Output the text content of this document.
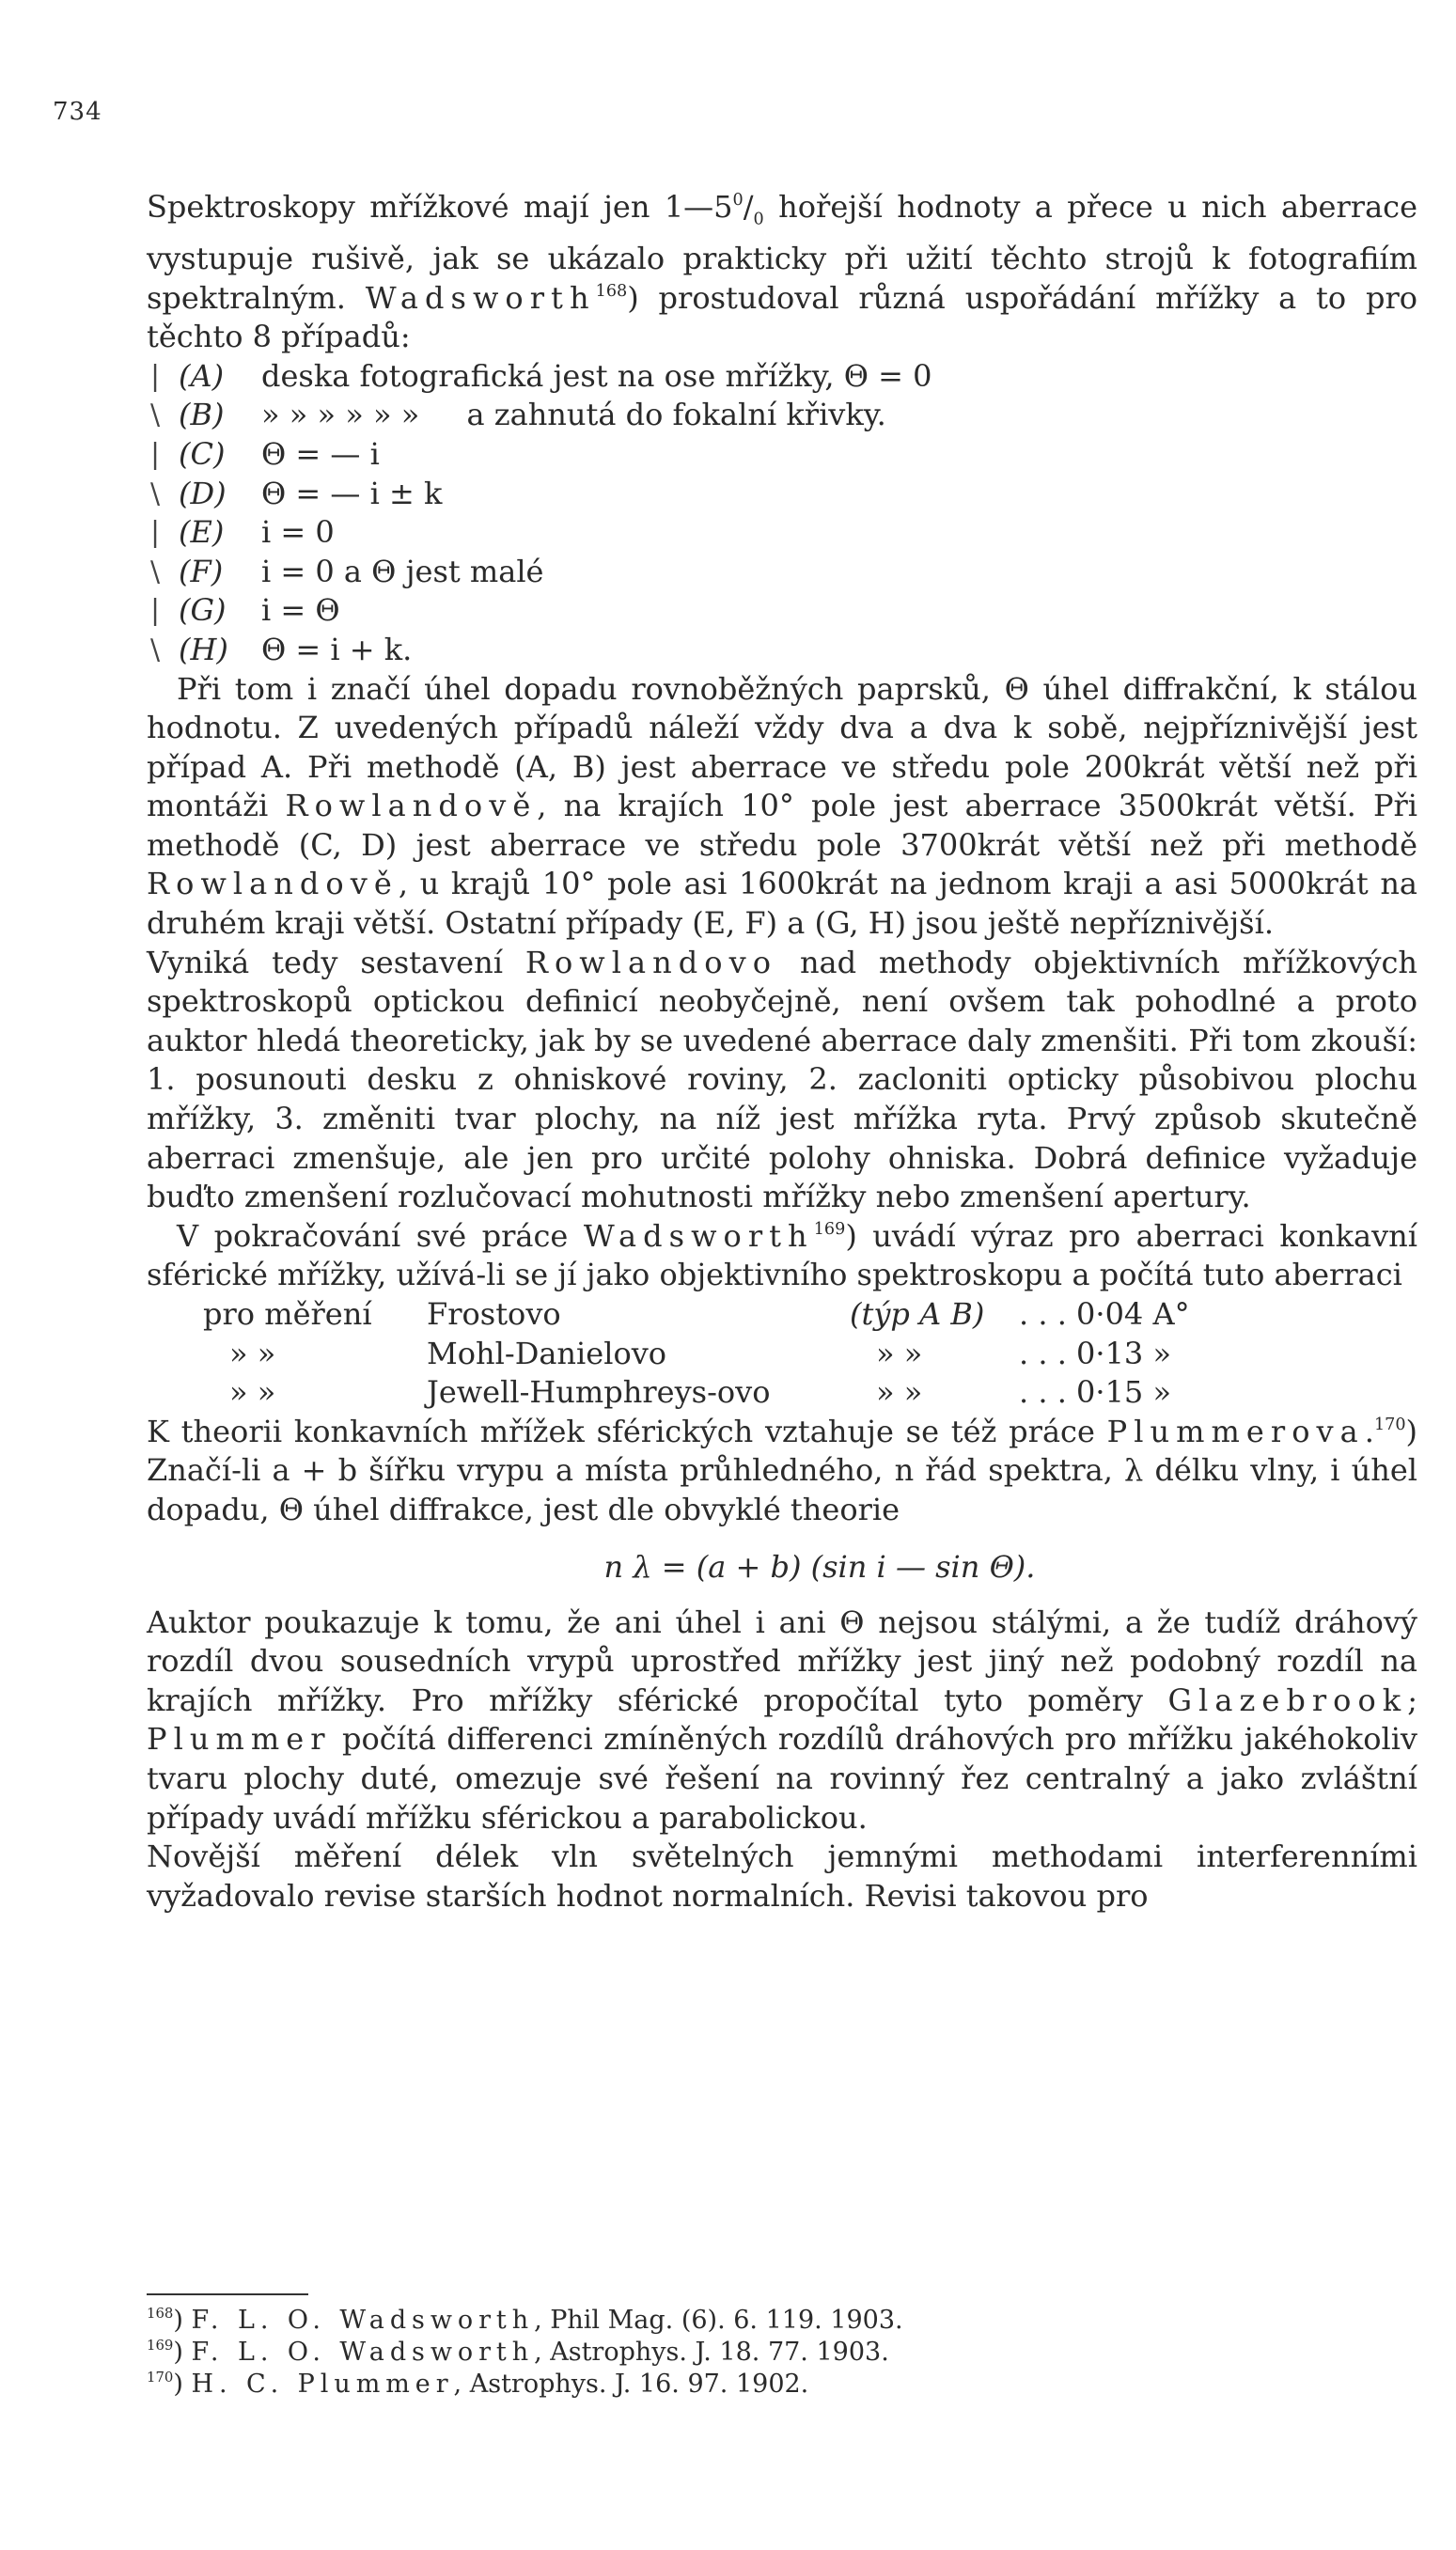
734

Spektroskopy mřížkové mají jen $1—5^0/_0$ hořejší hodnoty a přece u nich aberrace vystupuje rušivě, jak se ukázalo prakticky při užití těchto strojů k fotografiím spektralným. Wadsworth$^{168}$) prostudoval různá uspořádání mřížky a to pro těchto 8 případů:

| (A) deska fotografická jest na ose mřížky, Θ = 0
\ (B) » » » » » » a zahnutá do fokalní křivky.
| (C) Θ = — i
\ (D) Θ = — i ± k
| (E) i = 0
\ (F) i = 0 a Θ jest malé
| (G) i = Θ
\ (H) Θ = i + k.

Při tom i značí úhel dopadu rovnoběžných paprsků, Θ úhel diffrakční, k stálou hodnotu. Z uvedených případů náleží vždy dva a dva k sobě, nejpříznivější jest případ A. Při methodě (A, B) jest aberrace ve středu pole 200krát větší než při montáži Rowlandově, na krajích 10° pole jest aberrace 3500krát větší. Při methodě (C, D) jest aberrace ve středu pole 3700krát větší než při methodě Rowlandově, u krajů 10° pole asi 1600krát na jednom kraji a asi 5000krát na druhém kraji větší. Ostatní případy (E, F) a (G, H) jsou ještě nepříznivější.

Vyniká tedy sestavení Rowlandovo nad methody objektivních mřížkových spektroskopů optickou definicí neobyčejně, není ovšem tak pohodlné a proto auktor hledá theoreticky, jak by se uvedené aberrace daly zmenšiti. Při tom zkouší: 1. posunouti desku z ohniskové roviny, 2. zacloniti opticky působivou plochu mřížky, 3. změniti tvar plochy, na níž jest mřížka ryta. Prvý způsob skutečně aberraci zmenšuje, ale jen pro určité polohy ohniska. Dobrá definice vyžaduje buďto zmenšení rozlučovací mohutnosti mřížky nebo zmenšení apertury.

V pokračování své práce Wadsworth$^{169}$) uvádí výraz pro aberraci konkavní sférické mřížky, užívá-li se jí jako objektivního spektroskopu a počítá tuto aberraci

pro měření Frostovo	(týp A B) . . . 0·04 A°
» »	Mohl-Danielovo	» »	. . . 0·13 »
» »	Jewell-Humphreys-ovo	» »	. . . 0·15 »

K theorii konkavních mřížek sférických vztahuje se též práce Plummerova.$^{170}$) Značí-li a + b šířku vrypu a místa průhledného, n řád spektra, λ délku vlny, i úhel dopadu, Θ úhel diffrakce, jest dle obvyklé theorie

n λ = (a + b) (sin i — sin Θ).

Auktor poukazuje k tomu, že ani úhel i ani Θ nejsou stálými, a že tudíž dráhový rozdíl dvou sousedních vrypů uprostřed mřížky jest jiný než podobný rozdíl na krajích mřížky. Pro mřížky sférické propočítal tyto poměry Glazebrook; Plummer počítá differenci zmíněných rozdílů dráhových pro mřížku jakéhokoliv tvaru plochy duté, omezuje své řešení na rovinný řez centralný a jako zvláštní případy uvádí mřížku sférickou a parabolickou.

Novější měření délek vln světelných jemnými methodami interferenními vyžadovalo revise starších hodnot normalních. Revisi takovou pro

$^{168}$) F. L. O. Wadsworth, Phil Mag. (6). 6. 119. 1903.
$^{169}$) F. L. O. Wadsworth, Astrophys. J. 18. 77. 1903.
$^{170}$) H. C. Plummer, Astrophys. J. 16. 97. 1902.
